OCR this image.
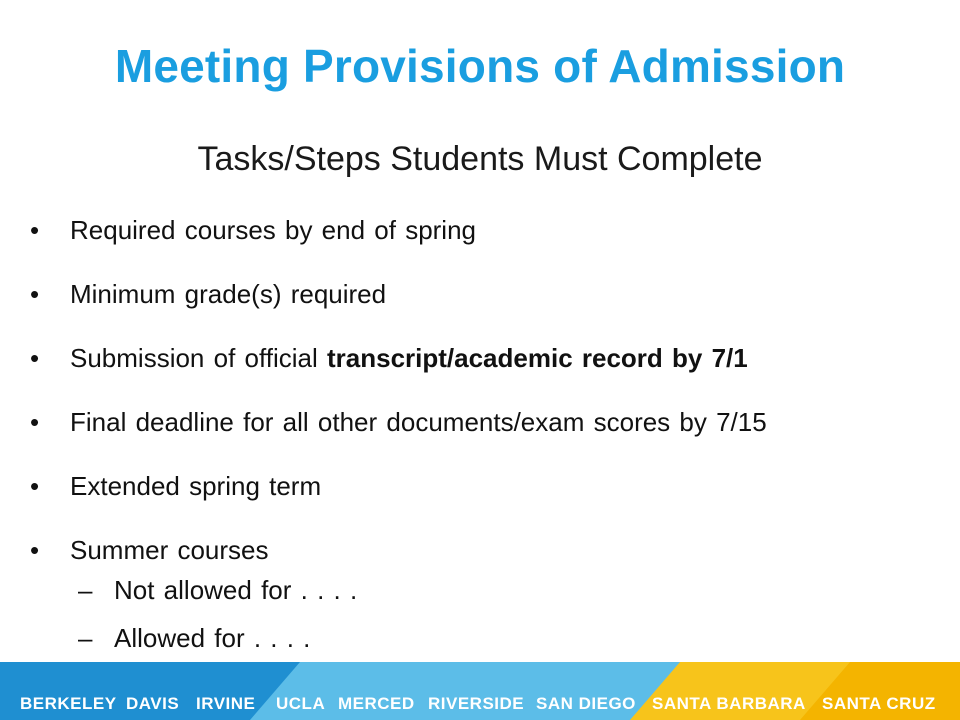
Meeting Provisions of Admission
Tasks/Steps Students Must Complete
•	Required courses by end of spring
•	Minimum grade(s) required
•	Submission of official transcript/academic record by 7/1
•	Final deadline for all other documents/exam scores by 7/15
•	Extended spring term
•	Summer courses
– Not allowed for . . . .
– Allowed for . . . .
BERKELEY DAVIS IRVINE UCLA MERCED RIVERSIDE SAN DIEGO SANTA BARBARA SANTA CRUZ
